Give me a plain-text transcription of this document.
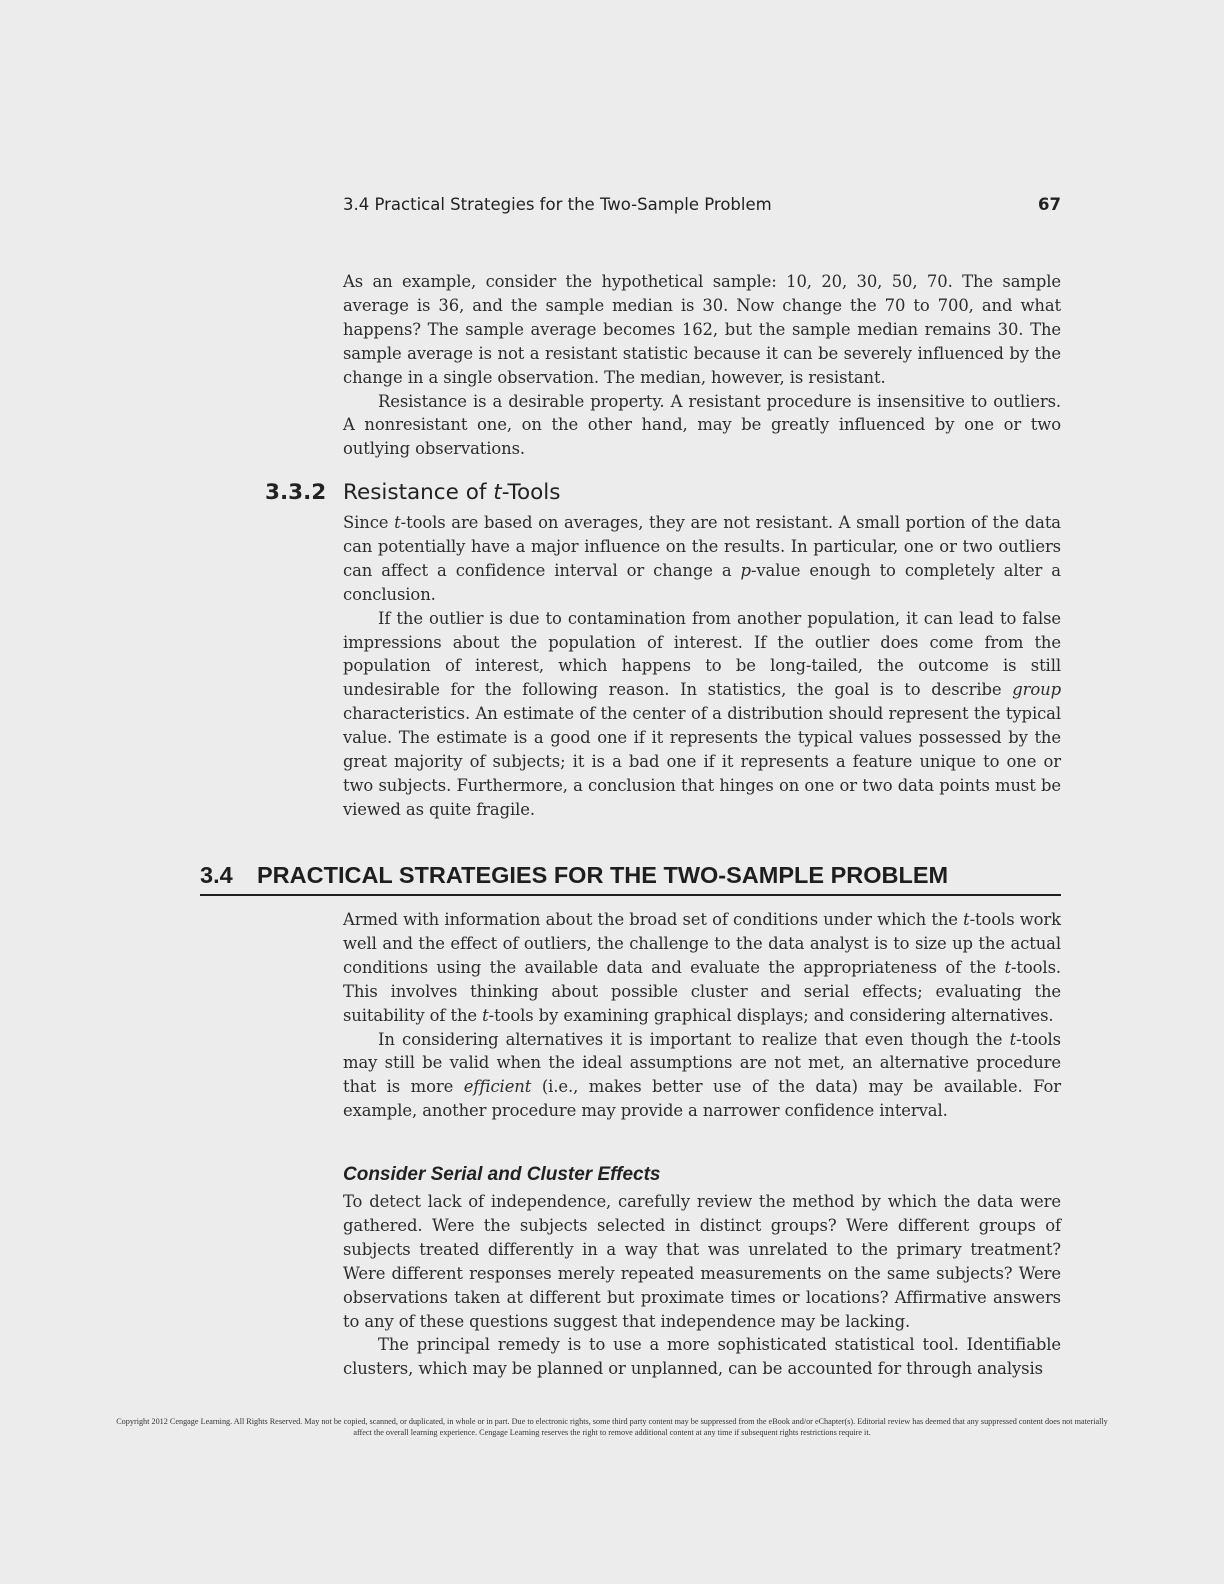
3.4 Practical Strategies for the Two-Sample Problem	67

As an example, consider the hypothetical sample: 10, 20, 30, 50, 70. The sample average is 36, and the sample median is 30. Now change the 70 to 700, and what happens? The sample average becomes 162, but the sample median remains 30. The sample average is not a resistant statistic because it can be severely influenced by the change in a single observation. The median, however, is resistant.

Resistance is a desirable property. A resistant procedure is insensitive to outliers. A nonresistant one, on the other hand, may be greatly influenced by one or two outlying observations.

3.3.2 Resistance of t-Tools

Since t-tools are based on averages, they are not resistant. A small portion of the data can potentially have a major influence on the results. In particular, one or two outliers can affect a confidence interval or change a p-value enough to completely alter a conclusion.

If the outlier is due to contamination from another population, it can lead to false impressions about the population of interest. If the outlier does come from the population of interest, which happens to be long-tailed, the outcome is still undesirable for the following reason. In statistics, the goal is to describe group characteristics. An estimate of the center of a distribution should represent the typical value. The estimate is a good one if it represents the typical values possessed by the great majority of subjects; it is a bad one if it represents a feature unique to one or two subjects. Furthermore, a conclusion that hinges on one or two data points must be viewed as quite fragile.

3.4	PRACTICAL STRATEGIES FOR THE TWO-SAMPLE PROBLEM

Armed with information about the broad set of conditions under which the t-tools work well and the effect of outliers, the challenge to the data analyst is to size up the actual conditions using the available data and evaluate the appropriateness of the t-tools. This involves thinking about possible cluster and serial effects; evaluating the suitability of the t-tools by examining graphical displays; and considering alternatives.

In considering alternatives it is important to realize that even though the t-tools may still be valid when the ideal assumptions are not met, an alternative procedure that is more efficient (i.e., makes better use of the data) may be available. For example, another procedure may provide a narrower confidence interval.

Consider Serial and Cluster Effects

To detect lack of independence, carefully review the method by which the data were gathered. Were the subjects selected in distinct groups? Were different groups of subjects treated differently in a way that was unrelated to the primary treatment? Were different responses merely repeated measurements on the same subjects? Were observations taken at different but proximate times or locations? Affirmative answers to any of these questions suggest that independence may be lacking.

The principal remedy is to use a more sophisticated statistical tool. Identifiable clusters, which may be planned or unplanned, can be accounted for through analysis

Copyright 2012 Cengage Learning. All Rights Reserved. May not be copied, scanned, or duplicated, in whole or in part. Due to electronic rights, some third party content may be suppressed from the eBook and/or eChapter(s). Editorial review has deemed that any suppressed content does not materially affect the overall learning experience. Cengage Learning reserves the right to remove additional content at any time if subsequent rights restrictions require it.
